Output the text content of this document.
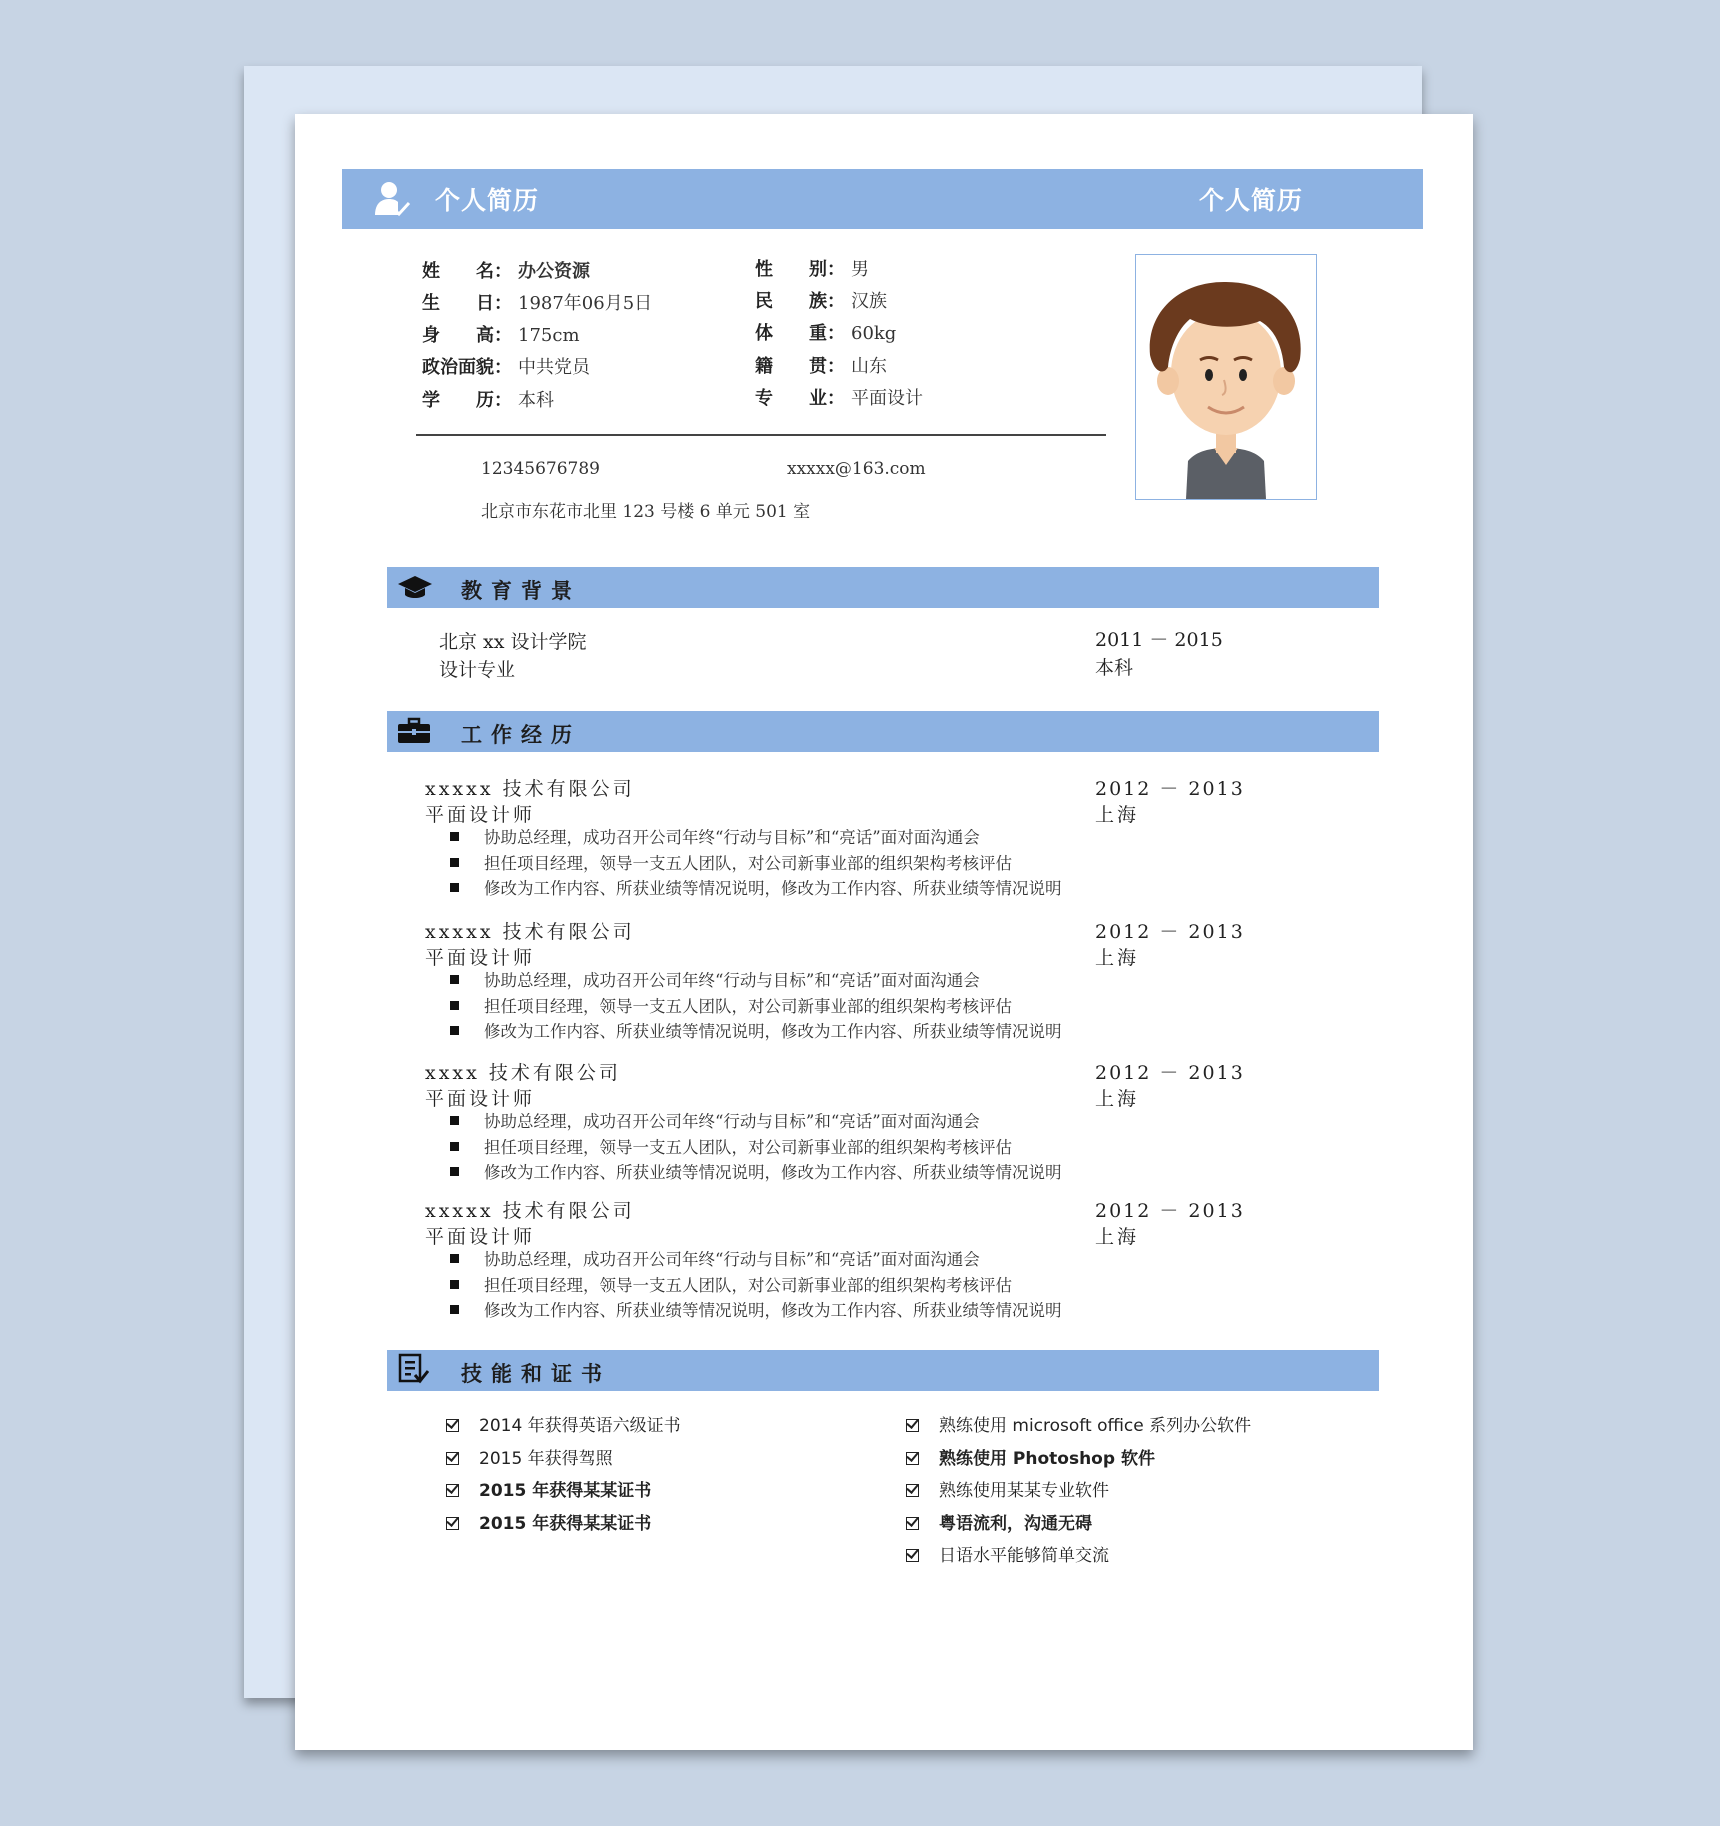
个人简历	个人简历
姓　　名： 办公资源
生　　日： 1987年06月5日
身　　高： 175cm
政治面貌： 中共党员
学　　历： 本科
性　　别： 男
民　　族： 汉族
体　　重： 60kg
籍　　贯： 山东
专　　业： 平面设计
12345676789	xxxxx@163.com
北京市东花市北里 123 号楼 6 单元 501 室
教育背景
北京 xx 设计学院
设计专业
2011 － 2015
本科
工作经历
xxxxx 技术有限公司
平面设计师
2012 － 2013
上海
协助总经理，成功召开公司年终“行动与目标”和“亮话”面对面沟通会
担任项目经理，领导一支五人团队，对公司新事业部的组织架构考核评估
修改为工作内容、所获业绩等情况说明，修改为工作内容、所获业绩等情况说明
xxxxx 技术有限公司
平面设计师
2012 － 2013
上海
协助总经理，成功召开公司年终“行动与目标”和“亮话”面对面沟通会
担任项目经理，领导一支五人团队，对公司新事业部的组织架构考核评估
修改为工作内容、所获业绩等情况说明，修改为工作内容、所获业绩等情况说明
xxxx 技术有限公司
平面设计师
2012 － 2013
上海
协助总经理，成功召开公司年终“行动与目标”和“亮话”面对面沟通会
担任项目经理，领导一支五人团队，对公司新事业部的组织架构考核评估
修改为工作内容、所获业绩等情况说明，修改为工作内容、所获业绩等情况说明
xxxxx 技术有限公司
平面设计师
2012 － 2013
上海
协助总经理，成功召开公司年终“行动与目标”和“亮话”面对面沟通会
担任项目经理，领导一支五人团队，对公司新事业部的组织架构考核评估
修改为工作内容、所获业绩等情况说明，修改为工作内容、所获业绩等情况说明
技能和证书
2014 年获得英语六级证书
2015 年获得驾照
2015 年获得某某证书
2015 年获得某某证书
熟练使用 microsoft office 系列办公软件
熟练使用 Photoshop 软件
熟练使用某某专业软件
粤语流利，沟通无碍
日语水平能够简单交流
